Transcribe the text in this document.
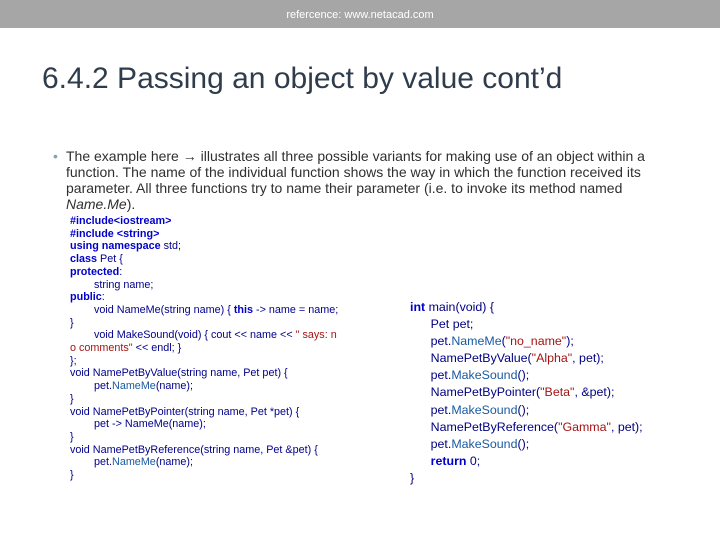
refercence: www.netacad.com
6.4.2 Passing an object by value cont’d
• The example here → illustrates all three possible variants for making use of an object within a function. The name of the individual function shows the way in which the function received its parameter. All three functions try to name their parameter (i.e. to invoke its method named Name.Me).
#include<iostream>
#include <string>
using namespace std;
class Pet {
protected:
string name;
public:
void NameMe(string name) { this -> name = name;
}
void MakeSound(void) { cout << name << " says: n
o comments" << endl; }
};
void NamePetByValue(string name, Pet pet) {
pet.NameMe(name);
}
void NamePetByPointer(string name, Pet *pet) {
pet -> NameMe(name);
}
void NamePetByReference(string name, Pet &pet) {
pet.NameMe(name);
}
int main(void) {
Pet pet;
pet.NameMe("no_name");
NamePetByValue("Alpha", pet);
pet.MakeSound();
NamePetByPointer("Beta", &pet);
pet.MakeSound();
NamePetByReference("Gamma", pet);
pet.MakeSound();
return 0;
}
